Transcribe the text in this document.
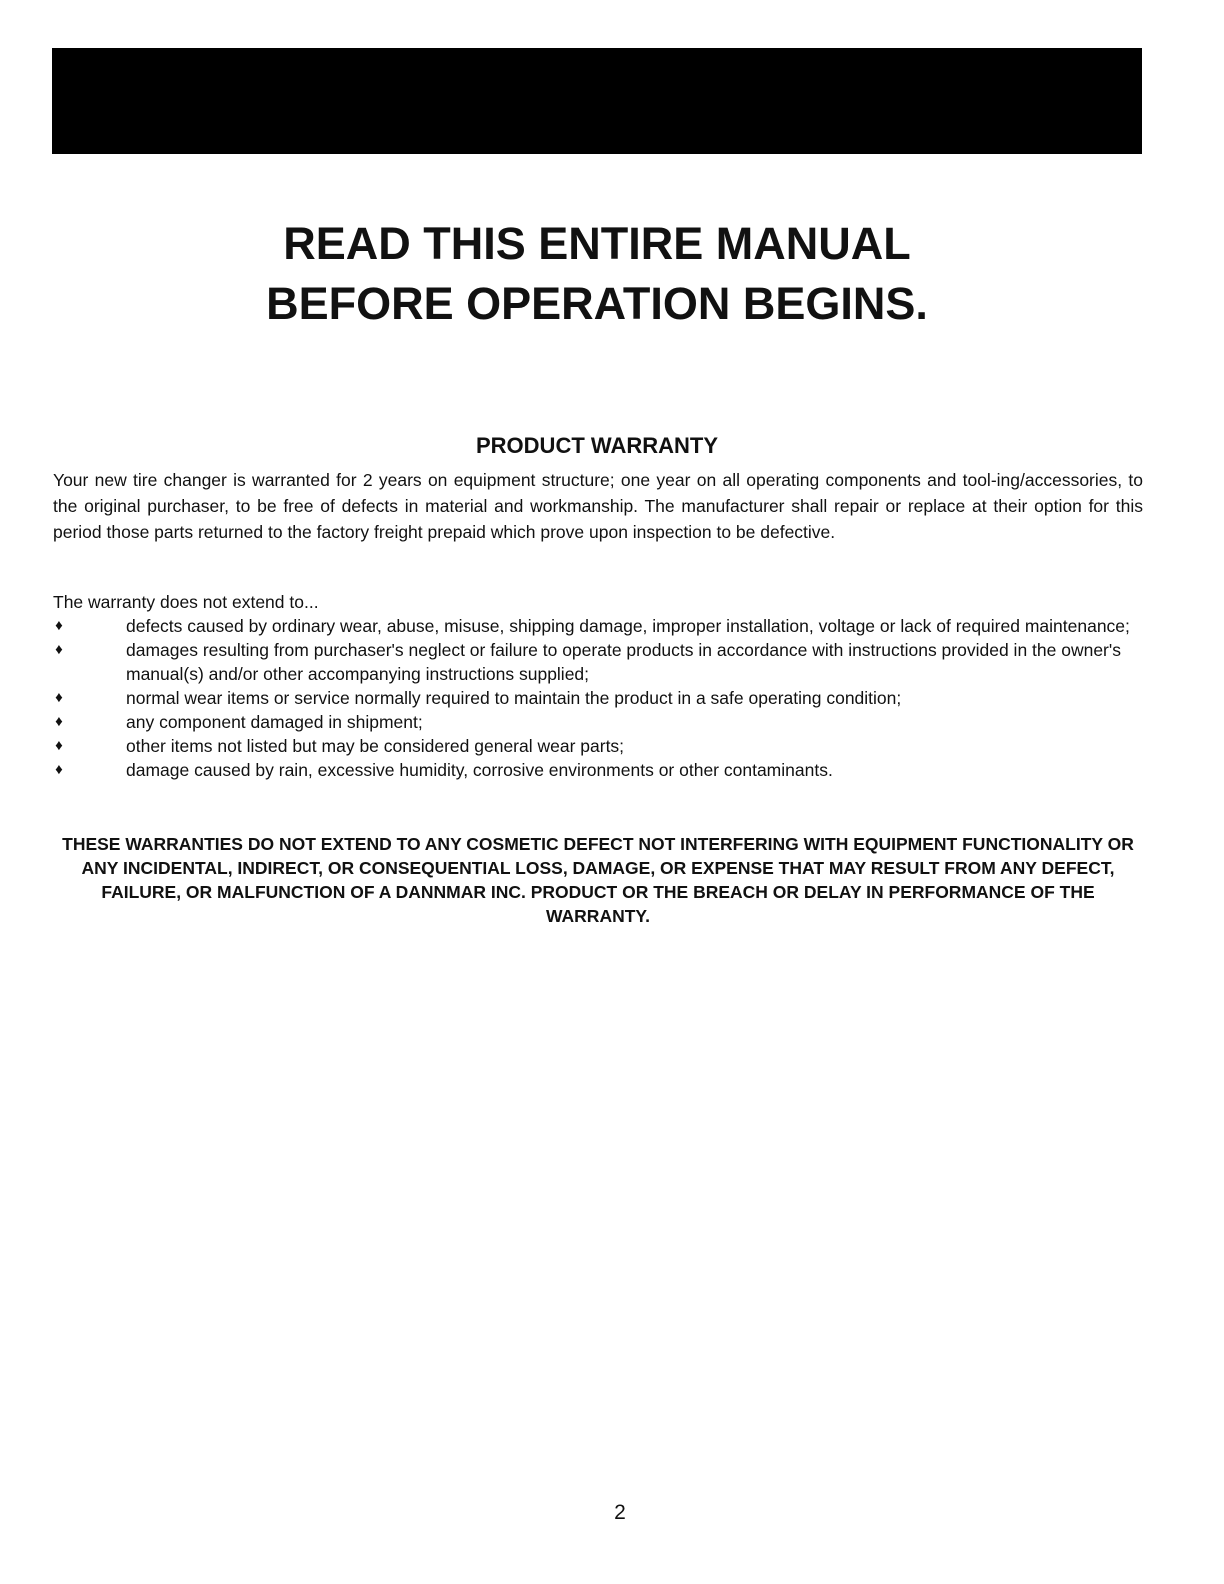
READ THIS ENTIRE MANUAL
BEFORE OPERATION BEGINS.
PRODUCT WARRANTY

Your new tire changer is warranted for 2 years on equipment structure; one year on all operating components and tool-ing/accessories, to the original purchaser, to be free of defects in material and workmanship. The manufacturer shall repair or replace at their option for this period those parts returned to the factory freight prepaid which prove upon inspection to be defective.

The warranty does not extend to...

♦	defects caused by ordinary wear, abuse, misuse, shipping damage, improper installation, voltage or lack of required maintenance;
♦	damages resulting from purchaser's neglect or failure to operate products in accordance with instructions provided in the owner's manual(s) and/or other accompanying instructions supplied;
♦	normal wear items or service normally required to maintain the product in a safe operating condition;
♦	any component damaged in shipment;
♦	other items not listed but may be considered general wear parts;
♦	damage caused by rain, excessive humidity, corrosive environments or other contaminants.

THESE WARRANTIES DO NOT EXTEND TO ANY COSMETIC DEFECT NOT INTERFERING WITH EQUIPMENT FUNCTIONALITY OR ANY INCIDENTAL, INDIRECT, OR CONSEQUENTIAL LOSS, DAMAGE, OR EXPENSE THAT MAY RESULT FROM ANY DEFECT, FAILURE, OR MALFUNCTION OF A DANNMAR INC. PRODUCT OR THE BREACH OR DELAY IN PERFORMANCE OF THE WARRANTY.

2
